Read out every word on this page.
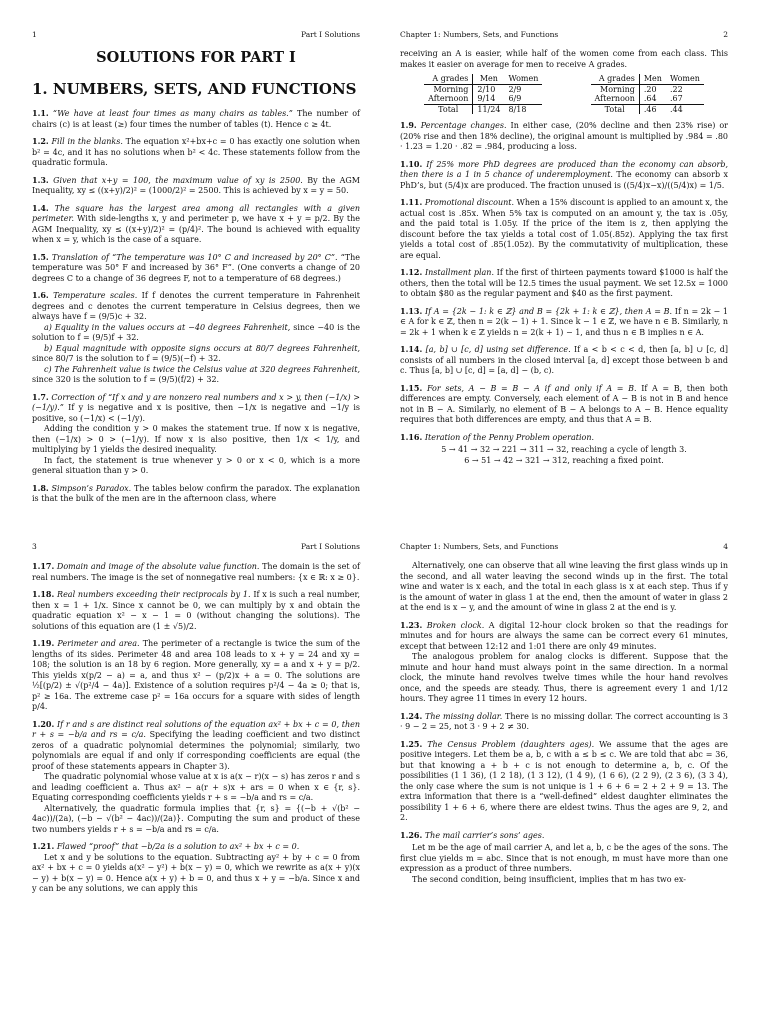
1	Part I Solutions
SOLUTIONS FOR PART I
1. NUMBERS, SETS, AND FUNCTIONS

1.1. “We have at least four times as many chairs as tables.” The number of chairs (c) is at least (≥) four times the number of tables (t). Hence c ≥ 4t.

1.2. Fill in the blanks. The equation x²+bx+c = 0 has exactly one solution when b² = 4c, and it has no solutions when b² < 4c. These statements follow from the quadratic formula.

1.3. Given that x+y = 100, the maximum value of xy is 2500. By the AGM Inequality, xy ≤ ((x+y)/2)² = (1000/2)² = 2500. This is achieved by x = y = 50.

1.4. The square has the largest area among all rectangles with a given perimeter. With side-lengths x, y and perimeter p, we have x + y = p/2. By the AGM Inequality, xy ≤ ((x+y)/2)² = (p/4)². The bound is achieved with equality when x = y, which is the case of a square.

1.5. Translation of “The temperature was 10° C and increased by 20° C”. “The temperature was 50° F and increased by 36° F”. (One converts a change of 20 degrees C to a change of 36 degrees F, not to a temperature of 68 degrees.)

1.6. Temperature scales. If f denotes the current temperature in Fahrenheit degrees and c denotes the current temperature in Celsius degrees, then we always have f = (9/5)c + 32.

a) Equality in the values occurs at −40 degrees Fahrenheit, since −40 is the solution to f = (9/5)f + 32.

b) Equal magnitude with opposite signs occurs at 80/7 degrees Fahrenheit, since 80/7 is the solution to f = (9/5)(−f) + 32.

c) The Fahrenheit value is twice the Celsius value at 320 degrees Fahrenheit, since 320 is the solution to f = (9/5)(f/2) + 32.

1.7. Correction of “If x and y are nonzero real numbers and x > y, then (−1/x) > (−1/y).” If y is negative and x is positive, then −1/x is negative and −1/y is positive, so (−1/x) < (−1/y).

Adding the condition y > 0 makes the statement true. If now x is negative, then (−1/x) > 0 > (−1/y). If now x is also positive, then 1/x < 1/y, and multiplying by 1 yields the desired inequality.

In fact, the statement is true whenever y > 0 or x < 0, which is a more general situation than y > 0.

1.8. Simpson’s Paradox. The tables below confirm the paradox. The explanation is that the bulk of the men are in the afternoon class, where

Chapter 1: Numbers, Sets, and Functions	2

receiving an A is easier, while half of the women come from each class. This makes it easier on average for men to receive A grades.

A grades	Men	Women
Morning	2/10	2/9
Afternoon	9/14	6/9
Total	11/24	8/18
A grades	Men	Women
Morning	.20	.22
Afternoon	.64	.67
Total	.46	.44

1.9. Percentage changes. In either case, (20% decline and then 23% rise) or (20% rise and then 18% decline), the original amount is multiplied by .984 = .80 · 1.23 = 1.20 · .82 = .984, producing a loss.

1.10. If 25% more PhD degrees are produced than the economy can absorb, then there is a 1 in 5 chance of underemployment. The economy can absorb x PhD’s, but (5/4)x are produced. The fraction unused is ((5/4)x−x)/((5/4)x) = 1/5.

1.11. Promotional discount. When a 15% discount is applied to an amount x, the actual cost is .85x. When 5% tax is computed on an amount y, the tax is .05y, and the paid total is 1.05y. If the price of the item is z, then applying the discount before the tax yields a total cost of 1.05(.85z). Applying the tax first yields a total cost of .85(1.05z). By the commutativity of multiplication, these are equal.

1.12. Installment plan. If the first of thirteen payments toward $1000 is half the others, then the total will be 12.5 times the usual payment. We set 12.5x = 1000 to obtain $80 as the regular payment and $40 as the first payment.

1.13. If A = {2k − 1: k ∈ ℤ} and B = {2k + 1: k ∈ ℤ}, then A = B. If n = 2k − 1 ∈ A for k ∈ ℤ, then n = 2(k − 1) + 1. Since k − 1 ∈ ℤ, we have n ∈ B. Similarly, n = 2k + 1 when k ∈ ℤ yields n = 2(k + 1) − 1, and thus n ∈ B implies n ∈ A.

1.14. [a, b] ∪ [c, d] using set difference. If a < b < c < d, then [a, b] ∪ [c, d] consists of all numbers in the closed interval [a, d] except those between b and c. Thus [a, b] ∪ [c, d] = [a, d] − (b, c).

1.15. For sets, A − B = B − A if and only if A = B. If A = B, then both differences are empty. Conversely, each element of A − B is not in B and hence not in B − A. Similarly, no element of B − A belongs to A − B. Hence equality requires that both differences are empty, and thus that A = B.

1.16. Iteration of the Penny Problem operation.

5 → 41 → 32 → 221 → 311 → 32, reaching a cycle of length 3.

6 → 51 → 42 → 321 → 312, reaching a fixed point.

3	Part I Solutions

1.17. Domain and image of the absolute value function. The domain is the set of real numbers. The image is the set of nonnegative real numbers: {x ∈ ℝ: x ≥ 0}.

1.18. Real numbers exceeding their reciprocals by 1. If x is such a real number, then x = 1 + 1/x. Since x cannot be 0, we can multiply by x and obtain the quadratic equation x² − x − 1 = 0 (without changing the solutions). The solutions of this equation are (1 ± √5)/2.

1.19. Perimeter and area. The perimeter of a rectangle is twice the sum of the lengths of its sides. Perimeter 48 and area 108 leads to x + y = 24 and xy = 108; the solution is an 18 by 6 region. More generally, xy = a and x + y = p/2. This yields x(p/2 − a) = a, and thus x² − (p/2)x + a = 0. The solutions are ½[(p/2) ± √(p²/4 − 4a)]. Existence of a solution requires p²/4 − 4a ≥ 0; that is, p² ≥ 16a. The extreme case p² = 16a occurs for a square with sides of length p/4.

1.20. If r and s are distinct real solutions of the equation ax² + bx + c = 0, then r + s = −b/a and rs = c/a. Specifying the leading coefficient and two distinct zeros of a quadratic polynomial determines the polynomial; similarly, two polynomials are equal if and only if corresponding coefficients are equal (the proof of these statements appears in Chapter 3).

The quadratic polynomial whose value at x is a(x − r)(x − s) has zeros r and s and leading coefficient a. Thus ax² − a(r + s)x + ars = 0 when x ∈ {r, s}. Equating corresponding coefficients yields r + s = −b/a and rs = c/a.

Alternatively, the quadratic formula implies that {r, s} = {(−b + √(b² − 4ac))/(2a), (−b − √(b² − 4ac))/(2a)}. Computing the sum and product of these two numbers yields r + s = −b/a and rs = c/a.

1.21. Flawed “proof” that −b/2a is a solution to ax² + bx + c = 0.

Let x and y be solutions to the equation. Subtracting ay² + by + c = 0 from ax² + bx + c = 0 yields a(x² − y²) + b(x − y) = 0, which we rewrite as a(x + y)(x − y) + b(x − y) = 0. Hence a(x + y) + b = 0, and thus x + y = −b/a. Since x and y can be any solutions, we can apply this

Chapter 1: Numbers, Sets, and Functions	4

Alternatively, one can observe that all wine leaving the first glass winds up in the second, and all water leaving the second winds up in the first. The total wine and water is x each, and the total in each glass is x at each step. Thus if y is the amount of water in glass 1 at the end, then the amount of water in glass 2 at the end is x − y, and the amount of wine in glass 2 at the end is y.

1.23. Broken clock. A digital 12-hour clock broken so that the readings for minutes and for hours are always the same can be correct every 61 minutes, except that between 12:12 and 1:01 there are only 49 minutes.

The analogous problem for analog clocks is different. Suppose that the minute and hour hand must always point in the same direction. In a normal clock, the minute hand revolves twelve times while the hour hand revolves once, and the speeds are steady. Thus, there is agreement every 1 and 1/12 hours. They agree 11 times in every 12 hours.

1.24. The missing dollar. There is no missing dollar. The correct accounting is 3 · 9 − 2 = 25, not 3 · 9 + 2 ≠ 30.

1.25. The Census Problem (daughters ages). We assume that the ages are positive integers. Let them be a, b, c with a ≤ b ≤ c. We are told that abc = 36, but that knowing a + b + c is not enough to determine a, b, c. Of the possibilities (1 1 36), (1 2 18), (1 3 12), (1 4 9), (1 6 6), (2 2 9), (2 3 6), (3 3 4), the only case where the sum is not unique is 1 + 6 + 6 = 2 + 2 + 9 = 13. The extra information that there is a “well-defined” eldest daughter eliminates the possibility 1 + 6 + 6, where there are eldest twins. Thus the ages are 9, 2, and 2.

1.26. The mail carrier’s sons’ ages.

Let m be the age of mail carrier A, and let a, b, c be the ages of the sons. The first clue yields m = abc. Since that is not enough, m must have more than one expression as a product of three numbers.

The second condition, being insufficient, implies that m has two ex-
